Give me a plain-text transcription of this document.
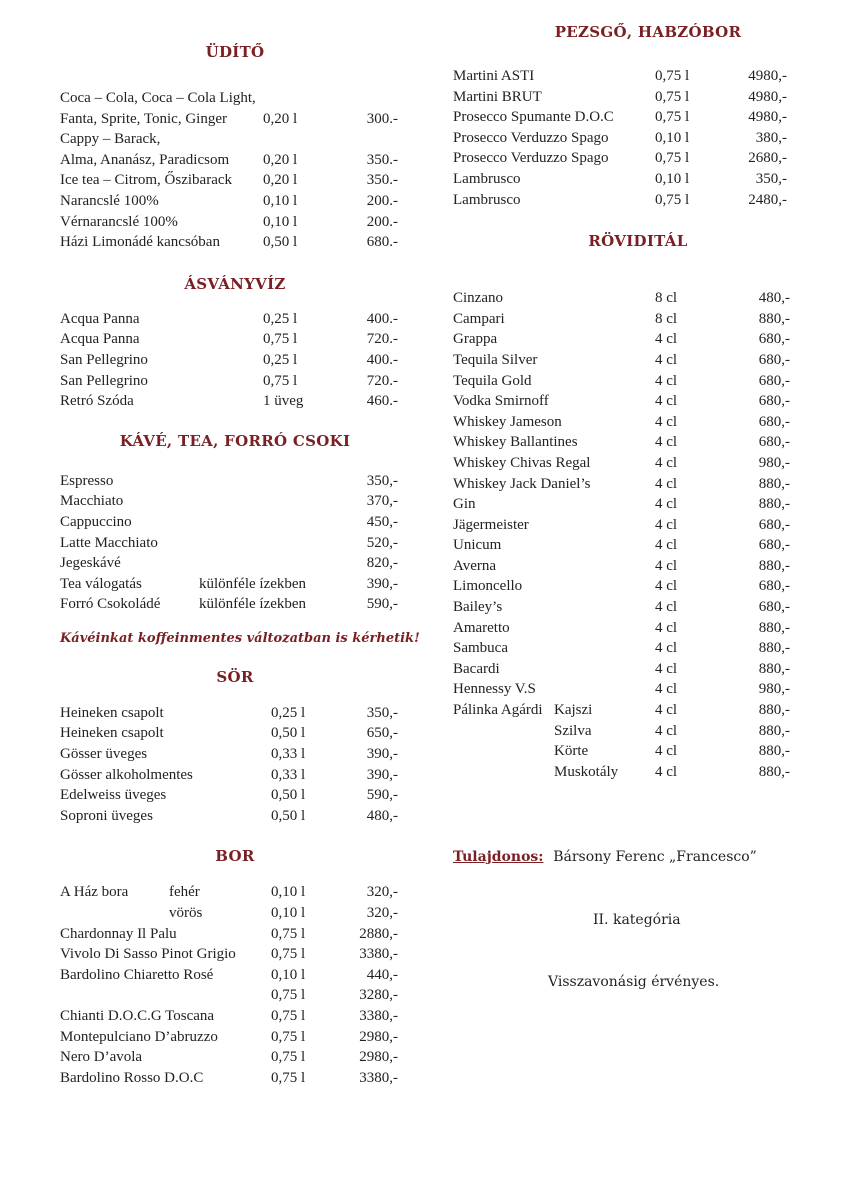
ÜDÍTŐ
Coca – Cola, Coca – Cola Light,
Fanta, Sprite, Tonic, Ginger 0,20 l	300.-
Cappy – Barack,
Alma, Ananász, Paradicsom 0,20 l	350.-
Ice tea – Citrom, Őszibarack 0,20 l	350.-
Narancslé 100%	0,10 l	200.-
Vérnarancslé 100%	0,10 l	200.-
Házi Limonádé kancsóban	0,50 l	680.-
ÁSVÁNYVÍZ
Acqua Panna	0,25 l	400.-
Acqua Panna	0,75 l	720.-
San Pellegrino	0,25 l	400.-
San Pellegrino	0,75 l	720.-
Retró Szóda	1 üveg	460.-
KÁVÉ, TEA, FORRÓ CSOKI
Espresso	350,-
Macchiato	370,-
Cappuccino	450,-
Latte Macchiato	520,-
Jegeskávé	820,-
Tea válogatás	különféle ízekben	390,-
Forró Csokoládé	különféle ízekben	590,-
Kávéinkat koffeinmentes változatban is kérhetik!
SÖR
Heineken csapolt	0,25 l	350,-
Heineken csapolt	0,50 l	650,-
Gösser üveges	0,33 l	390,-
Gösser alkoholmentes	0,33 l	390,-
Edelweiss üveges	0,50 l	590,-
Soproni üveges	0,50 l	480,-
BOR
A Ház bora	fehér	0,10 l	320,-
vörös	0,10 l	320,-
Chardonnay Il Palu	0,75 l	2880,-
Vivolo Di Sasso Pinot Grigio 0,75 l	3380,-
Bardolino Chiaretto Rosé	0,10 l	440,-
0,75 l	3280,-
Chianti D.O.C.G Toscana	0,75 l	3380,-
Montepulciano D’abruzzo	0,75 l	2980,-
Nero D’avola	0,75 l	2980,-
Bardolino Rosso D.O.C	0,75 l	3380,-
PEZSGŐ, HABZÓBOR
Martini ASTI	0,75 l	4980,-
Martini BRUT	0,75 l	4980,-
Prosecco Spumante D.O.C	0,75 l	4980,-
Prosecco Verduzzo Spago	0,10 l	380,-
Prosecco Verduzzo Spago	0,75 l	2680,-
Lambrusco	0,10 l	350,-
Lambrusco	0,75 l	2480,-
RÖVIDITÁL
Cinzano	8 cl	480,-
Campari	8 cl	880,-
Grappa	4 cl	680,-
Tequila Silver	4 cl	680,-
Tequila Gold	4 cl	680,-
Vodka Smirnoff	4 cl	680,-
Whiskey Jameson	4 cl	680,-
Whiskey Ballantines	4 cl	680,-
Whiskey Chivas Regal	4 cl	980,-
Whiskey Jack Daniel’s	4 cl	880,-
Gin	4 cl	880,-
Jägermeister	4 cl	680,-
Unicum	4 cl	680,-
Averna	4 cl	880,-
Limoncello	4 cl	680,-
Bailey’s	4 cl	680,-
Amaretto	4 cl	880,-
Sambuca	4 cl	880,-
Bacardi	4 cl	880,-
Hennessy V.S	4 cl	980,-
Pálinka Agárdi Kajszi	4 cl	880,-
Szilva	4 cl	880,-
Körte	4 cl	880,-
Muskotály 4 cl	880,-
Tulajdonos: Bársony Ferenc „Francesco”
II. kategória
Visszavonásig érvényes.
